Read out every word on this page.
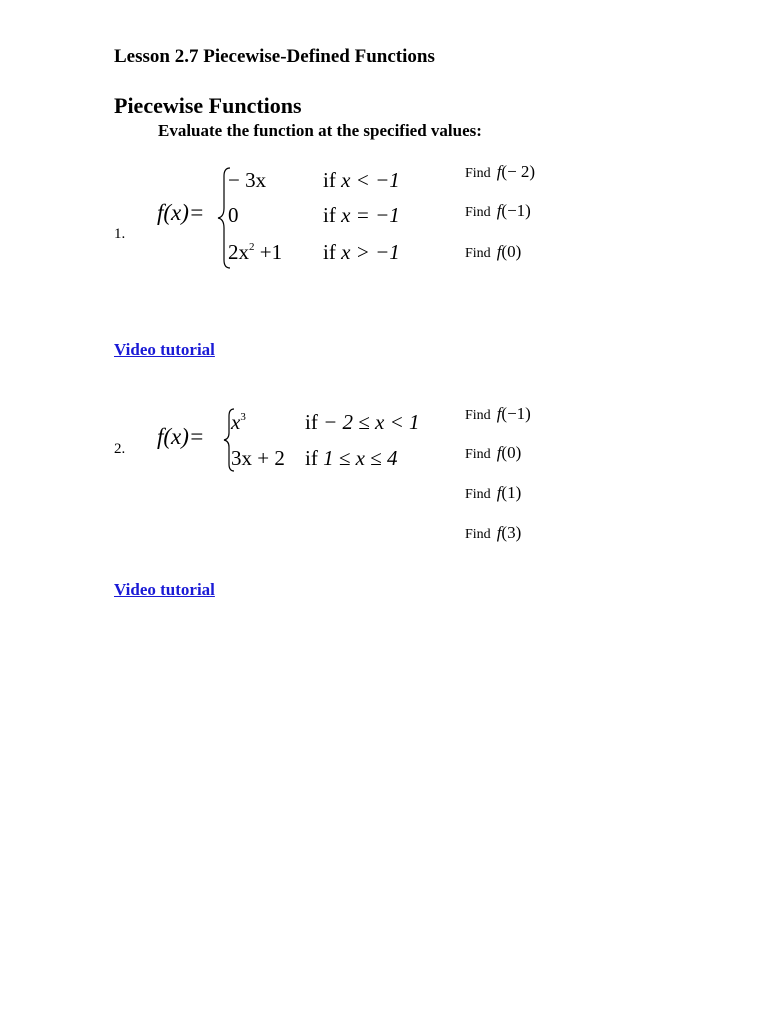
Lesson 2.7 Piecewise-Defined Functions
Piecewise Functions
Evaluate the function at the specified values:
1.
f(x)=
− 3x	if x < −1
0	if x = −1
$2x^2 +1$ if x > −1
Find f(− 2)
Find f(−1)
Find f(0)
Video tutorial
2. f(x)=
$x^3$	if − 2 ≤ x < 1
3x + 2 if 1 ≤ x ≤ 4
Find f(−1)
Find f(0)
Find f(1)
Find f(3)
Video tutorial
